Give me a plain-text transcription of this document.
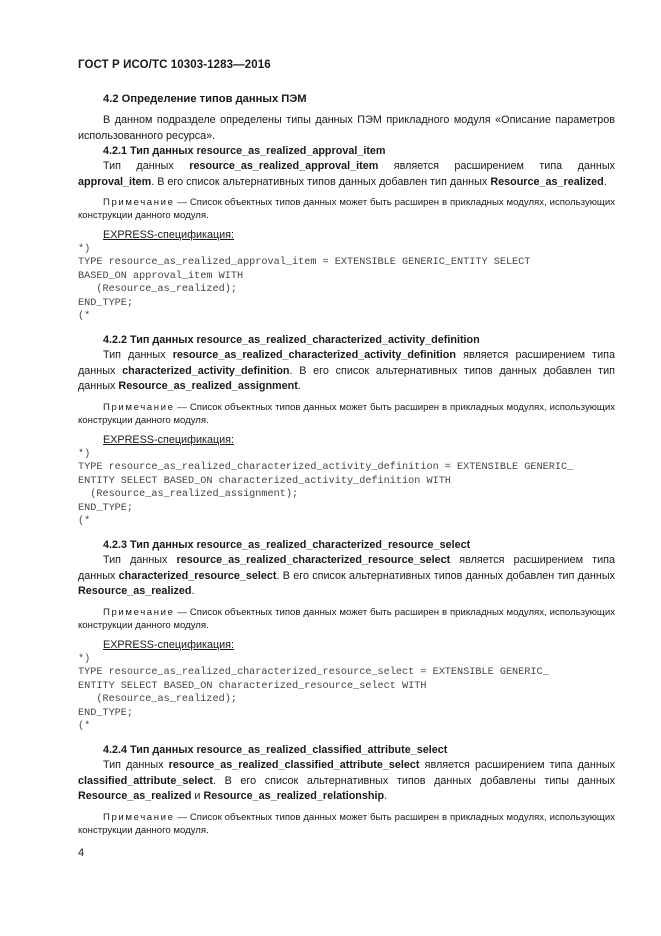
ГОСТ Р ИСО/ТС 10303-1283—2016
4.2 Определение типов данных ПЭМ

В данном подразделе определены типы данных ПЭМ прикладного модуля «Описание параметров использованного ресурса».

4.2.1 Тип данных resource_as_realized_approval_item

Тип данных resource_as_realized_approval_item является расширением типа данных approval_item. В его список альтернативных типов данных добавлен тип данных Resource_as_realized.

Примечание — Список объектных типов данных может быть расширен в прикладных модулях, использующих конструкции данного модуля.

EXPRESS-спецификация:
*)
TYPE resource_as_realized_approval_item = EXTENSIBLE GENERIC_ENTITY SELECT
BASED_ON approval_item WITH
(Resource_as_realized);
END_TYPE;
(*
4.2.2 Тип данных resource_as_realized_characterized_activity_definition

Тип данных resource_as_realized_characterized_activity_definition является расширением типа данных characterized_activity_definition. В его список альтернативных типов данных добавлен тип данных Resource_as_realized_assignment.

Примечание — Список объектных типов данных может быть расширен в прикладных модулях, использующих конструкции данного модуля.

EXPRESS-спецификация:
*)
TYPE resource_as_realized_characterized_activity_definition = EXTENSIBLE GENERIC_
ENTITY SELECT BASED_ON characterized_activity_definition WITH
(Resource_as_realized_assignment);
END_TYPE;
(*
4.2.3 Тип данных resource_as_realized_characterized_resource_select

Тип данных resource_as_realized_characterized_resource_select является расширением типа данных characterized_resource_select. В его список альтернативных типов данных добавлен тип данных Resource_as_realized.

Примечание — Список объектных типов данных может быть расширен в прикладных модулях, использующих конструкции данного модуля.

EXPRESS-спецификация:
*)
TYPE resource_as_realized_characterized_resource_select = EXTENSIBLE GENERIC_
ENTITY SELECT BASED_ON characterized_resource_select WITH
(Resource_as_realized);
END_TYPE;
(*
4.2.4 Тип данных resource_as_realized_classified_attribute_select

Тип данных resource_as_realized_classified_attribute_select является расширением типа данных classified_attribute_select. В его список альтернативных типов данных добавлены типы данных Resource_as_realized и Resource_as_realized_relationship.

Примечание — Список объектных типов данных может быть расширен в прикладных модулях, использующих конструкции данного модуля.

4
